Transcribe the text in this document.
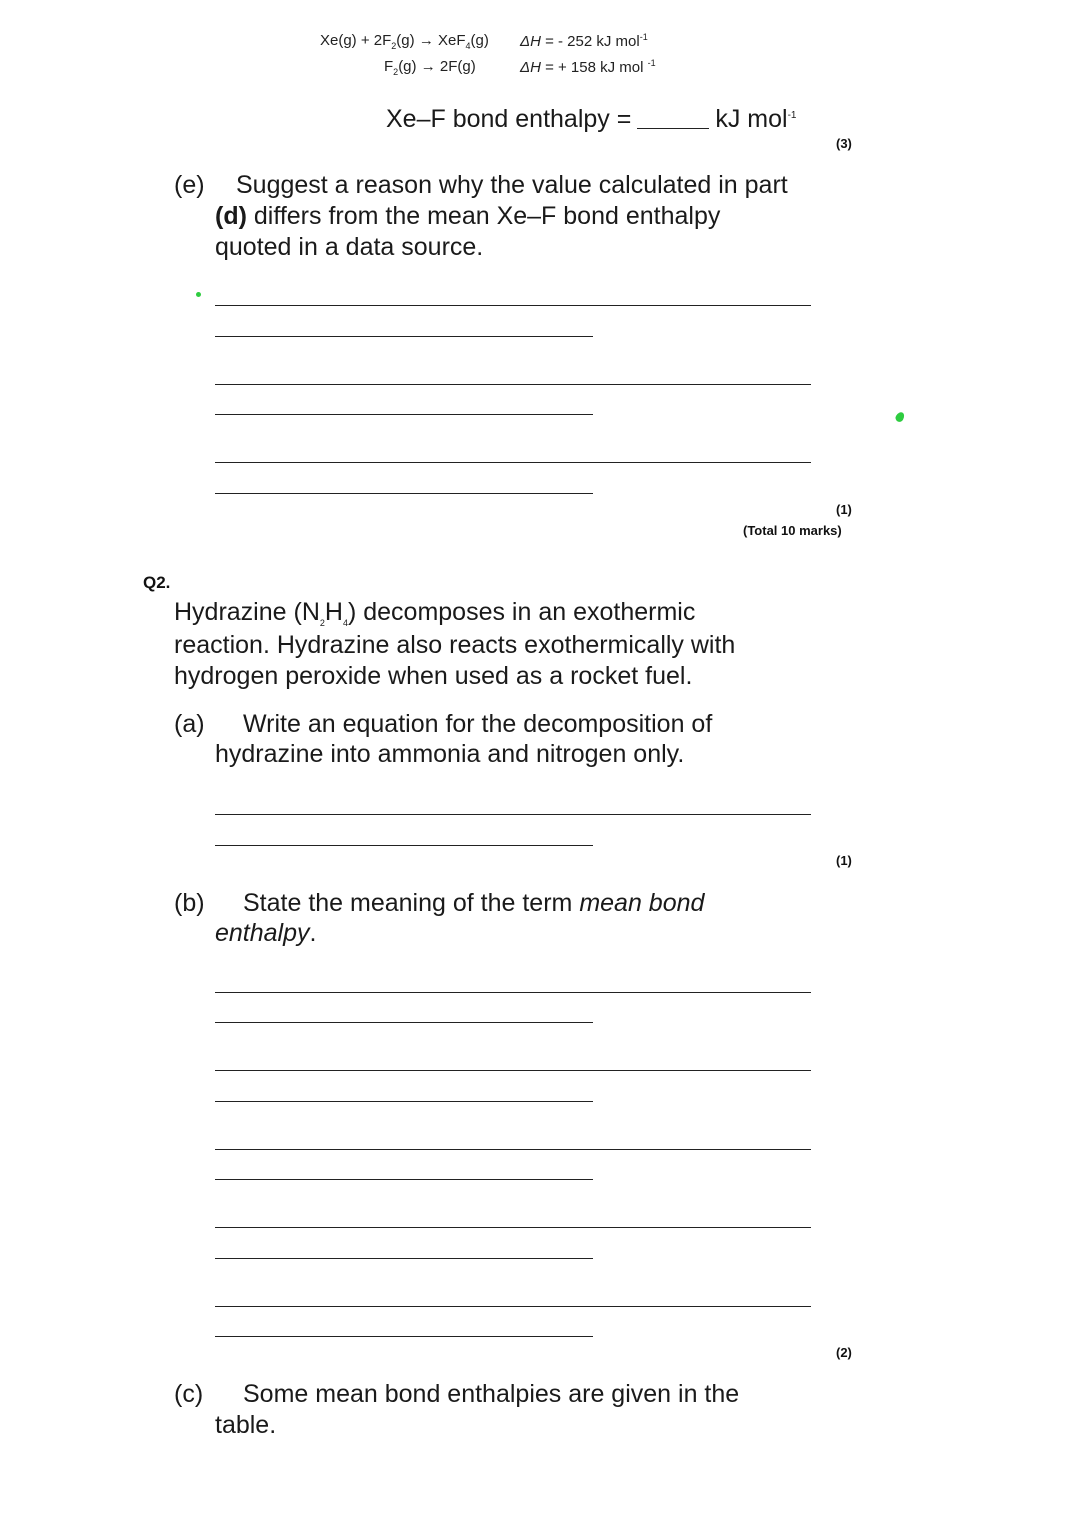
$Xe(g) + 2F_2(g) \to XeF_4(g) \Delta H$ = - 252 kJ mol$^{-1}$
$F_2(g) \to 2F(g)$	ΔH = + 158 kJ mol $^{-1}$
Xe–F bond enthalpy =	kJ mol$^{-1}$
(3)
(e) Suggest a reason why the value calculated in part
(d) differs from the mean Xe–F bond enthalpy
quoted in a data source.
(1)
(Total 10 marks)
Q2.
Hydrazine $(N_2H_4)$ decomposes in an exothermic
reaction. Hydrazine also reacts exothermically with
hydrogen peroxide when used as a rocket fuel.
(a) Write an equation for the decomposition of
hydrazine into ammonia and nitrogen only.
(1)
(b) State the meaning of the term mean bond
enthalpy.
(2)
(c) Some mean bond enthalpies are given in the
table.
